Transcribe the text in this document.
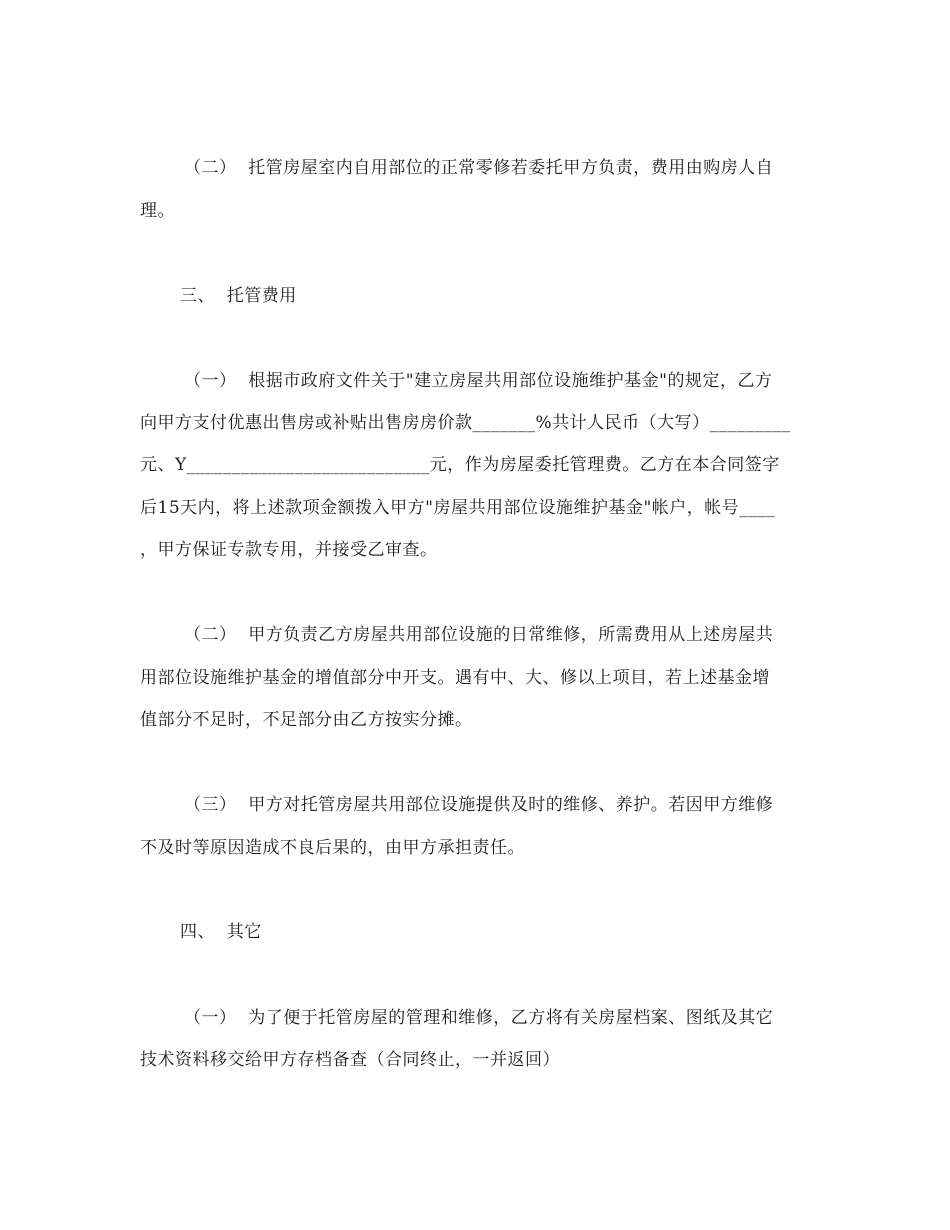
（二）  托管房屋室内自用部位的正常零修若委托甲方负责，费用由购房人自
理。
三、  托管费用
（一）  根据市政府文件关于"建立房屋共用部位设施维护基金"的规定，乙方
向甲方支付优惠出售房或补贴出售房房价款_______%共计人民币（大写）_________
元、Y___________________________元，作为房屋委托管理费。乙方在本合同签字
后15天内，将上述款项金额拨入甲方"房屋共用部位设施维护基金"帐户，帐号____
，甲方保证专款专用，并接受乙审查。
（二）  甲方负责乙方房屋共用部位设施的日常维修，所需费用从上述房屋共
用部位设施维护基金的增值部分中开支。遇有中、大、修以上项目，若上述基金增
值部分不足时，不足部分由乙方按实分摊。
（三）  甲方对托管房屋共用部位设施提供及时的维修、养护。若因甲方维修
不及时等原因造成不良后果的，由甲方承担责任。
四、  其它
（一）  为了便于托管房屋的管理和维修，乙方将有关房屋档案、图纸及其它
技术资料移交给甲方存档备查（合同终止，一并返回）
